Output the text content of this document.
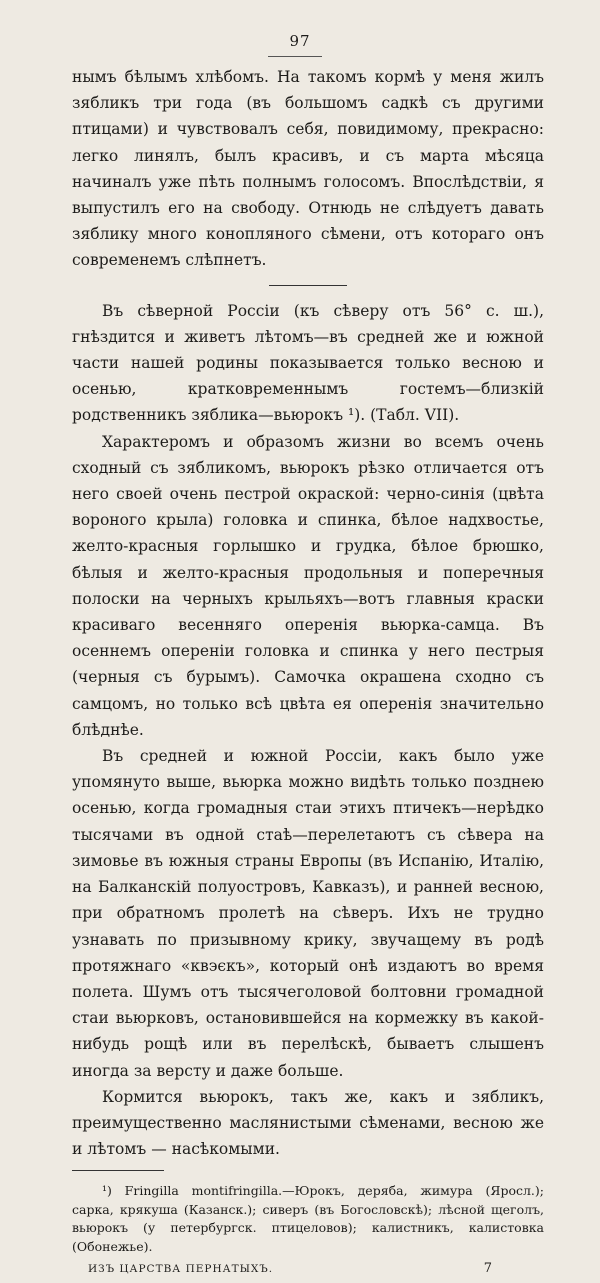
97

нымъ бѣлымъ хлѣбомъ. На такомъ кормѣ у меня жилъ зябликъ три года (въ большомъ садкѣ съ другими птицами) и чувствовалъ себя, повидимому, прекрасно: легко линялъ, былъ красивъ, и съ марта мѣсяца начиналъ уже пѣть полнымъ голосомъ. Впослѣдствіи, я выпустилъ его на свободу. Отнюдь не слѣдуетъ давать зяблику много конопляного сѣмени, отъ котораго онъ современемъ слѣпнетъ.

Въ сѣверной Россіи (къ сѣверу отъ 56° с. ш.), гнѣздится и живетъ лѣтомъ—въ средней же и южной части нашей родины показывается только весною и осенью, кратковременнымъ гостемъ—близкій родственникъ зяблика—вьюрокъ ¹). (Табл. VII).

Характеромъ и образомъ жизни во всемъ очень сходный съ зябликомъ, вьюрокъ рѣзко отличается отъ него своей очень пестрой окраской: черно-синія (цвѣта вороного крыла) головка и спинка, бѣлое надхвостье, желто-красныя горлышко и грудка, бѣлое брюшко, бѣлыя и желто-красныя продольныя и поперечныя полоски на черныхъ крыльяхъ—вотъ главныя краски красиваго весенняго оперенія вьюрка-самца. Въ осеннемъ опереніи головка и спинка у него пестрыя (черныя съ бурымъ). Самочка окрашена сходно съ самцомъ, но только всѣ цвѣта ея оперенія значительно блѣднѣе.

Въ средней и южной Россіи, какъ было уже упомянуто выше, вьюрка можно видѣть только позднею осенью, когда громадныя стаи этихъ птичекъ—нерѣдко тысячами въ одной стаѣ—перелетаютъ съ сѣвера на зимовье въ южныя страны Европы (въ Испанію, Италію, на Балканскій полуостровъ, Кавказъ), и ранней весною, при обратномъ пролетѣ на сѣверъ. Ихъ не трудно узнавать по призывному крику, звучащему въ родѣ протяжнаго «квэєкъ», который онѣ издаютъ во время полета. Шумъ отъ тысячеголовой болтовни громадной стаи вьюрковъ, остановившейся на кормежку въ какой-нибудь рощѣ или въ перелѣскѣ, бываетъ слышенъ иногда за версту и даже больше.

Кормится вьюрокъ, такъ же, какъ и зябликъ, преимущественно маслянистыми сѣменами, весною же и лѣтомъ — насѣкомыми.

¹) Fringilla montifringilla.—Юрокъ, деряба, жимура (Яросл.); сарка, крякуша (Казанск.); сиверъ (въ Богословскѣ); лѣсной щеголъ, вьюрокъ (у петербургск. птицеловов); калистникъ, калистовка (Обонежье).

ИЗЪ ЦАРСТВА ПЕРНАТЫХЪ.	7
